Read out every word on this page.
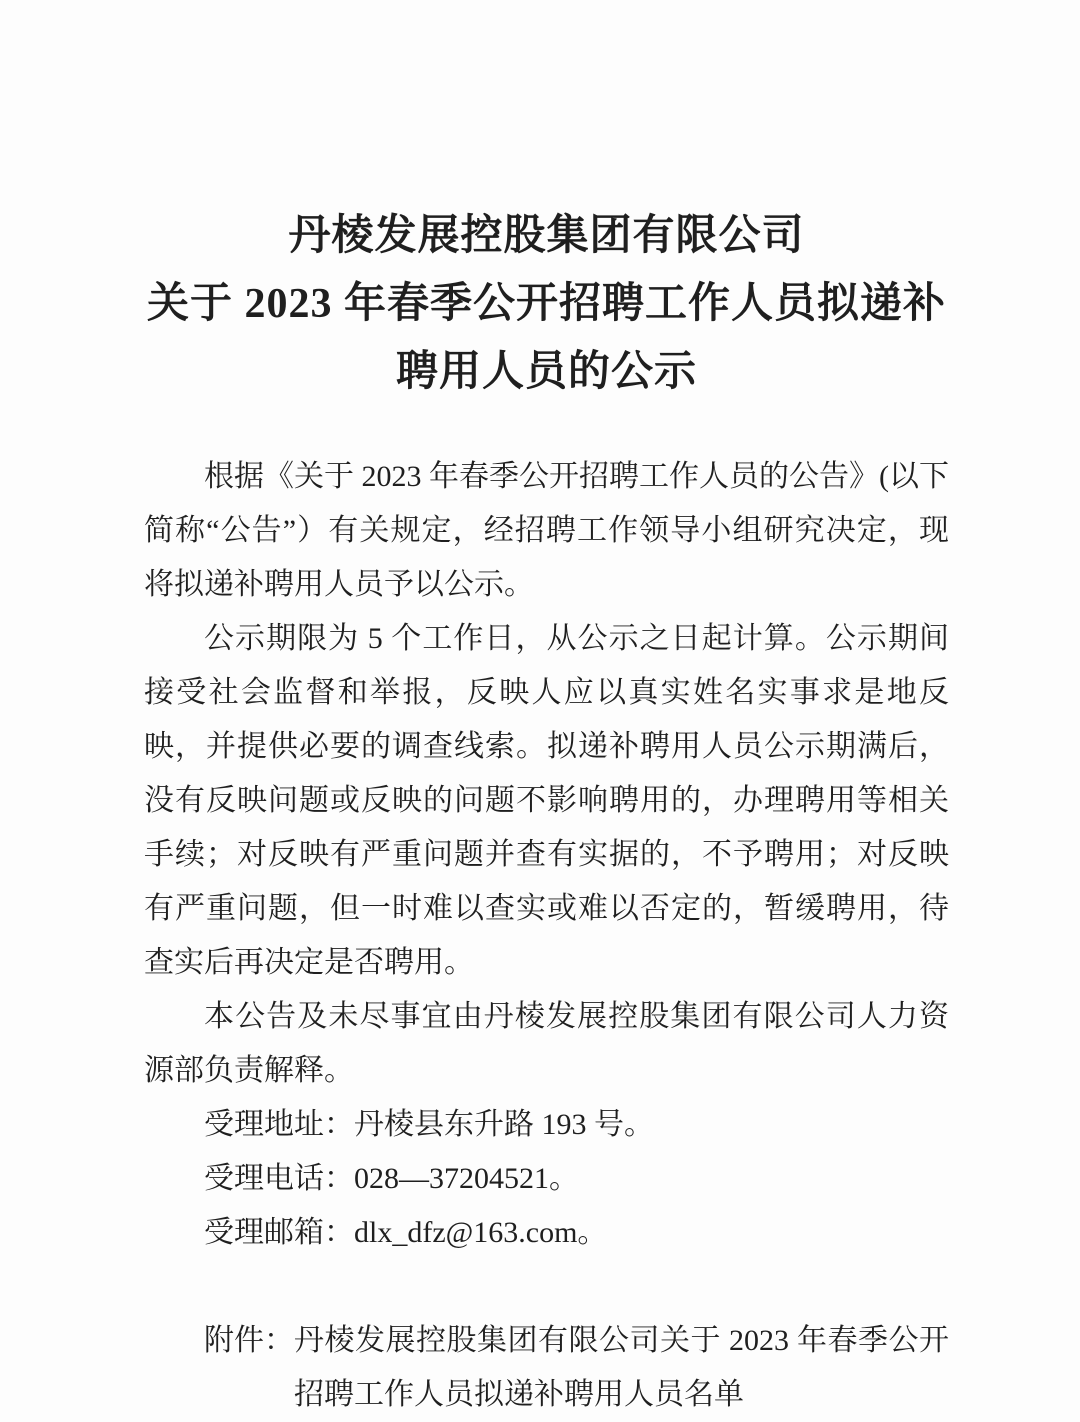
丹棱发展控股集团有限公司
关于 2023 年春季公开招聘工作人员拟递补
聘用人员的公示

根据《关于 2023 年春季公开招聘工作人员的公告》(以下简称“公告”）有关规定，经招聘工作领导小组研究决定，现将拟递补聘用人员予以公示。

公示期限为 5 个工作日，从公示之日起计算。公示期间接受社会监督和举报，反映人应以真实姓名实事求是地反映，并提供必要的调查线索。拟递补聘用人员公示期满后，没有反映问题或反映的问题不影响聘用的，办理聘用等相关手续；对反映有严重问题并查有实据的，不予聘用；对反映有严重问题，但一时难以查实或难以否定的，暂缓聘用，待查实后再决定是否聘用。

本公告及未尽事宜由丹棱发展控股集团有限公司人力资源部负责解释。

受理地址：丹棱县东升路 193 号。
受理电话：028—37204521。
受理邮箱：dlx_dfz@163.com。
附件： 丹棱发展控股集团有限公司关于 2023 年春季公开招聘工作人员拟递补聘用人员名单
